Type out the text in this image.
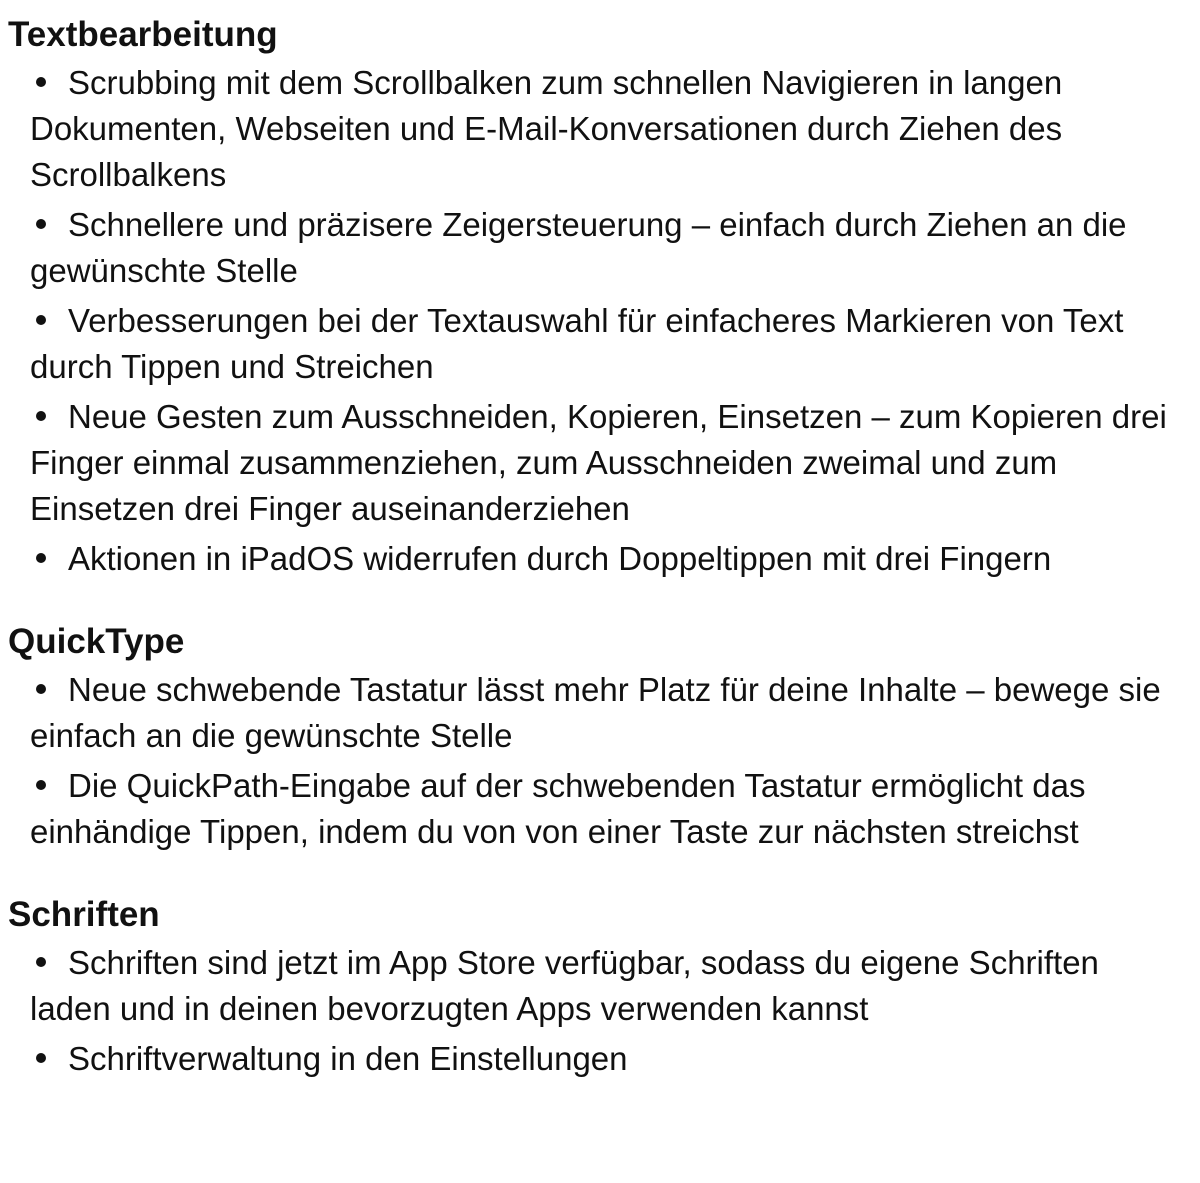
Textbearbeitung
Scrubbing mit dem Scrollbalken zum schnellen Navigieren in langen Dokumenten, Webseiten und E-Mail-Konversationen durch Ziehen des Scrollbalkens
Schnellere und präzisere Zeigersteuerung – einfach durch Ziehen an die gewünschte Stelle
Verbesserungen bei der Textauswahl für einfacheres Markieren von Text durch Tippen und Streichen
Neue Gesten zum Ausschneiden, Kopieren, Einsetzen – zum Kopieren drei Finger einmal zusammenziehen, zum Ausschneiden zweimal und zum Einsetzen drei Finger auseinanderziehen
Aktionen in iPadOS widerrufen durch Doppeltippen mit drei Fingern
QuickType
Neue schwebende Tastatur lässt mehr Platz für deine Inhalte – bewege sie einfach an die gewünschte Stelle
Die QuickPath-Eingabe auf der schwebenden Tastatur ermöglicht das einhändige Tippen, indem du von von einer Taste zur nächsten streichst
Schriften
Schriften sind jetzt im App Store verfügbar, sodass du eigene Schriften laden und in deinen bevorzugten Apps verwenden kannst
Schriftverwaltung in den Einstellungen
